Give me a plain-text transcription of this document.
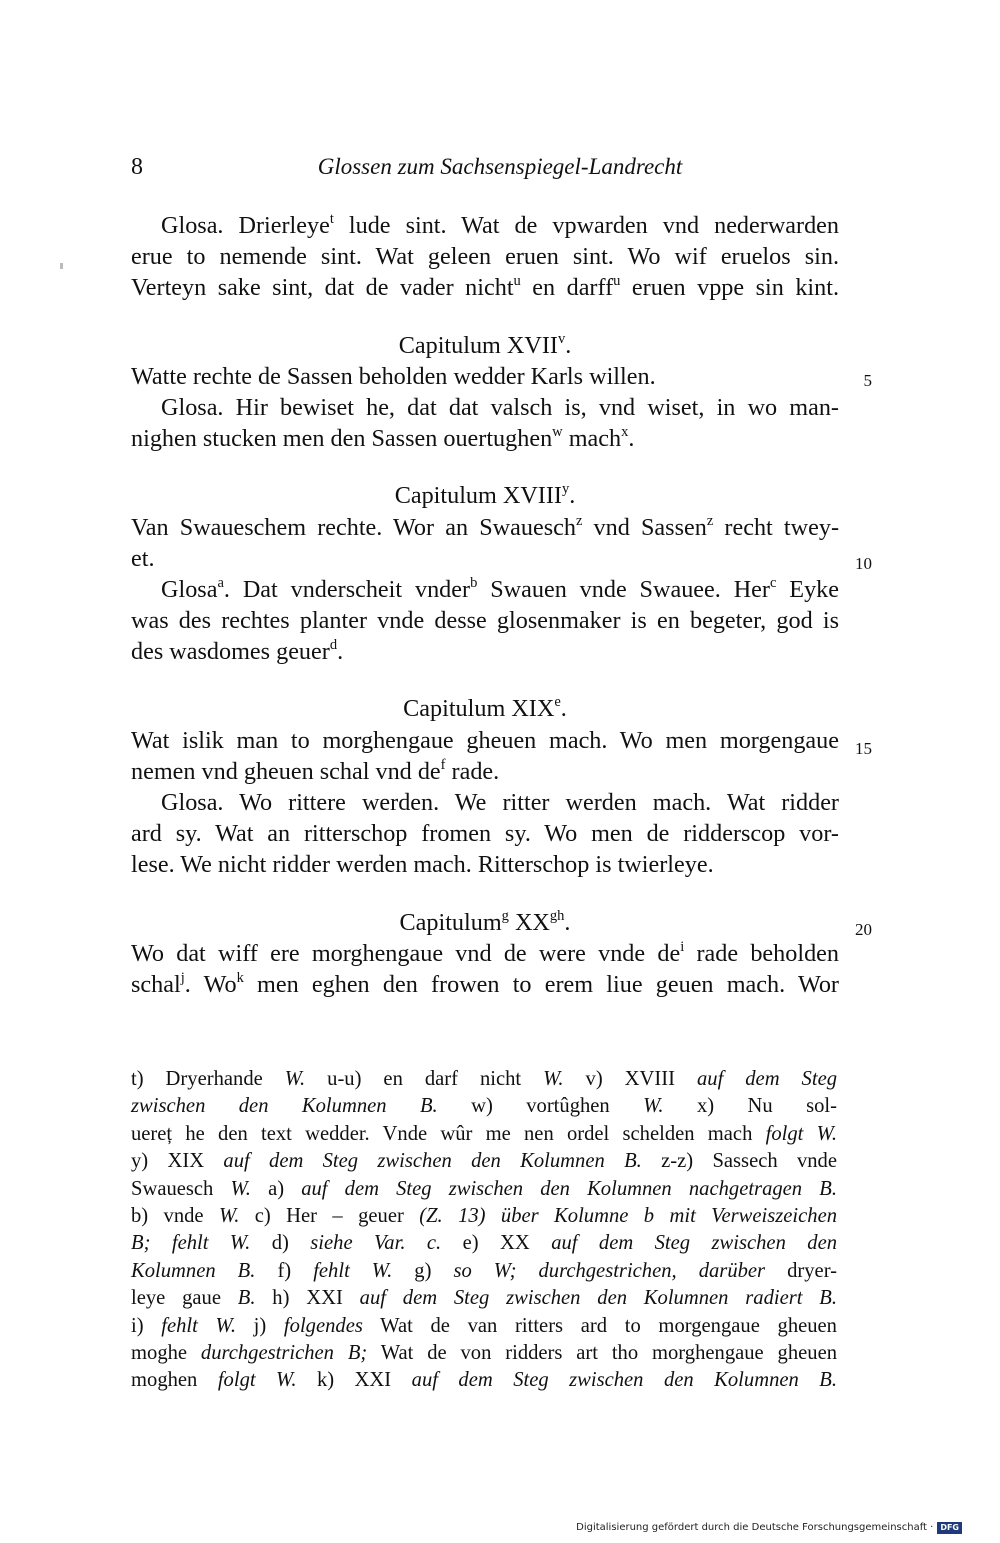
8	Glossen zum Sachsenspiegel-Landrecht
Glosa. Drierleye$^t$ lude sint. Wat de vpwarden vnd nederwarden
erue to nemende sint. Wat geleen eruen sint. Wo wif eruelos sin.
Verteyn sake sint, dat de vader nicht$^u$ en darff$^u$ eruen vppe sin kint.
Capitulum XVII$^v$.
Watte rechte de Sassen beholden wedder Karls willen.
Glosa. Hir bewiset he, dat dat valsch is, vnd wiset, in wo man-
nighen stucken men den Sassen ouertughen$^w$ mach$^x$.
Capitulum XVIII$^y$.
Van Swaueschem rechte. Wor an Swauesch$^z$ vnd Sassen$^z$ recht twey-
et.
Glosa$^a$. Dat vnderscheit vnder$^b$ Swauen vnde Swauee. Her$^c$ Eyke
was des rechtes planter vnde desse glosenmaker is en begeter, god is
des wasdomes geuer$^d$.
Capitulum XIXe.
Wat islik man to morghengaue gheuen mach. Wo men morgengaue
nemen vnd gheuen schal vnd $de^f$ rade.
Glosa. Wo rittere werden. We ritter werden mach. Wat ridder
ard sy. Wat an ritterschop fromen sy. Wo men de ridderscop vor-
lese. We nicht ridder werden mach. Ritterschop is twierleye.
Capitulum$^g$ $XX^{gh}$.
Wo dat wiff ere morghengaue vnd de were vnde $de^i$ rade beholden
schal$^j$. Wo$^k$ men eghen den frowen to erem liue geuen mach. Wor
5
10
15
20
t) Dryerhande W. u-u) en darf nicht W. v) XVIII auf dem Steg
zwischen den Kolumnen B. w) vortûghen W. x) Nu sol-
uereț he den text wedder. Vnde wûr me nen ordel schelden mach folgt W.
y) XIX auf dem Steg zwischen den Kolumnen B. z-z) Sassech vnde
Swauesch W. a) auf dem Steg zwischen den Kolumnen nachgetragen B.
b) vnde W. c) Her – geuer (Z. 13) über Kolumne b mit Verweiszeichen
B; fehlt W. d) siehe Var. c. e) XX auf dem Steg zwischen den
Kolumnen B. f) fehlt W. g) so W; durchgestrichen, darüber dryer-
leye gaue B. h) XXI auf dem Steg zwischen den Kolumnen radiert B.
i) fehlt W. j) folgendes Wat de van ritters ard to morgengaue gheuen
moghe durchgestrichen B; Wat de von ridders art tho morghengaue gheuen
moghen folgt W. k) XXI auf dem Steg zwischen den Kolumnen B.
Digitalisierung gefördert durch die Deutsche Forschungsgemeinschaft · DFG
